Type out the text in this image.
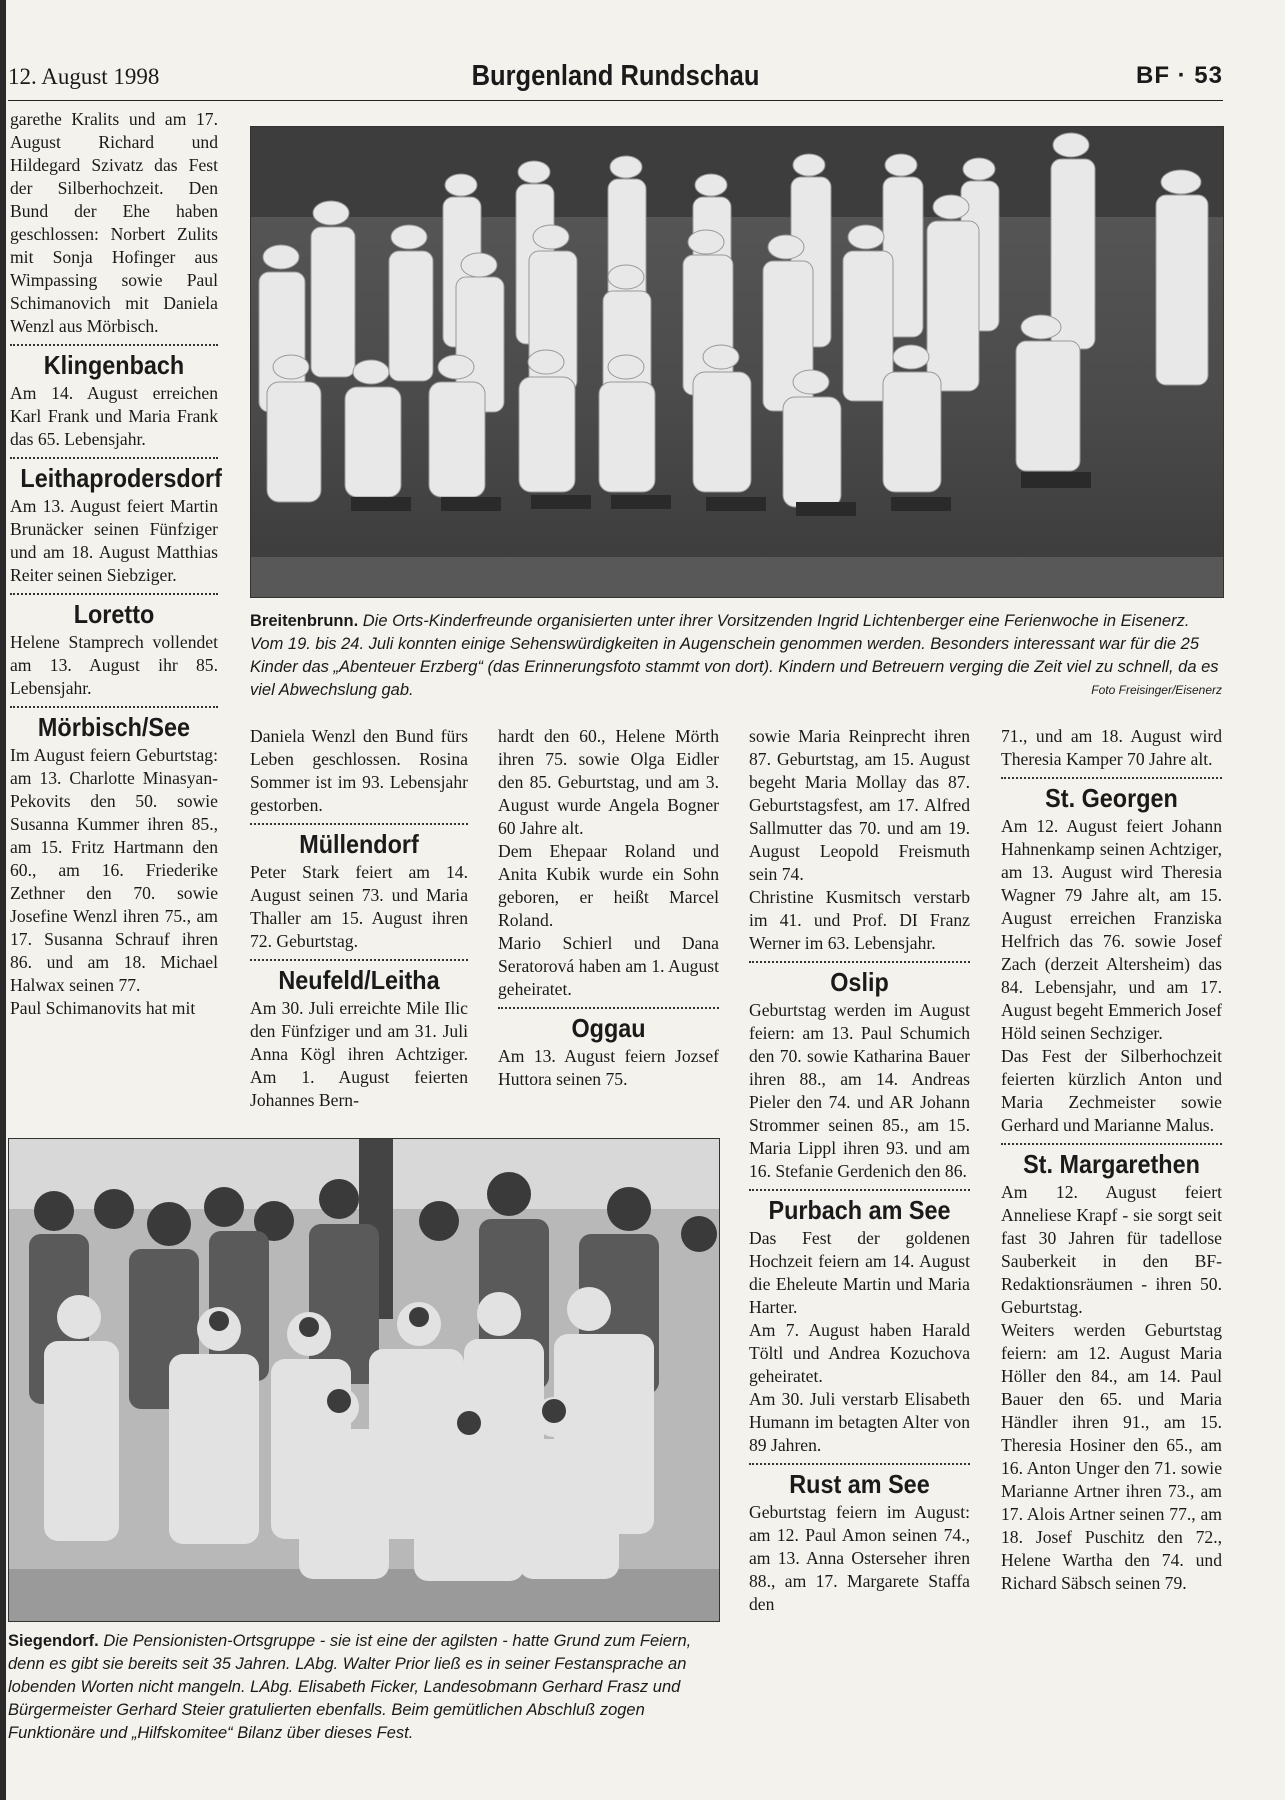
12. August 1998	Burgenland Rundschau	BF · 53

garethe Kralits und am 17. August Richard und Hildegard Szivatz das Fest der Silberhochzeit. Den Bund der Ehe haben geschlossen: Norbert Zulits mit Sonja Hofinger aus Wimpassing sowie Paul Schimanovich mit Daniela Wenzl aus Mörbisch.

Klingenbach

Am 14. August erreichen Karl Frank und Maria Frank das 65. Lebensjahr.

Leithaprodersdorf

Am 13. August feiert Martin Brunäcker seinen Fünfziger und am 18. August Matthias Reiter seinen Siebziger.

Loretto

Helene Stamprech vollendet am 13. August ihr 85. Lebensjahr.

Mörbisch/See

Im August feiern Geburtstag: am 13. Charlotte Minasyan-Pekovits den 50. sowie Susanna Kummer ihren 85., am 15. Fritz Hartmann den 60., am 16. Friederike Zethner den 70. sowie Josefine Wenzl ihren 75., am 17. Susanna Schrauf ihren 86. und am 18. Michael Halwax seinen 77.

Paul Schimanovits hat mit

Breitenbrunn. Die Orts-Kinderfreunde organisierten unter ihrer Vorsitzenden Ingrid Lichtenberger eine Ferienwoche in Eisenerz. Vom 19. bis 24. Juli konnten einige Sehenswürdigkeiten in Augenschein genommen werden. Besonders interessant war für die 25 Kinder das „Abenteuer Erzberg“ (das Erinnerungsfoto stammt von dort). Kindern und Betreuern verging die Zeit viel zu schnell, da es viel Abwechslung gab.	Foto Freisinger/Eisenerz

Daniela Wenzl den Bund fürs Leben geschlossen. Rosina Sommer ist im 93. Lebensjahr gestorben.

Müllendorf

Peter Stark feiert am 14. August seinen 73. und Maria Thaller am 15. August ihren 72. Geburtstag.

Neufeld/Leitha

Am 30. Juli erreichte Mile Ilic den Fünfziger und am 31. Juli Anna Kögl ihren Achtziger. Am 1. August feierten Johannes Bern-

hardt den 60., Helene Mörth ihren 75. sowie Olga Eidler den 85. Geburtstag, und am 3. August wurde Angela Bogner 60 Jahre alt.

Dem Ehepaar Roland und Anita Kubik wurde ein Sohn geboren, er heißt Marcel Roland.

Mario Schierl und Dana Seratorová haben am 1. August geheiratet.

Oggau

Am 13. August feiern Jozsef Huttora seinen 75.

sowie Maria Reinprecht ihren 87. Geburtstag, am 15. August begeht Maria Mollay das 87. Geburtstagsfest, am 17. Alfred Sallmutter das 70. und am 19. August Leopold Freismuth sein 74.

Christine Kusmitsch verstarb im 41. und Prof. DI Franz Werner im 63. Lebensjahr.

Oslip

Geburtstag werden im August feiern: am 13. Paul Schumich den 70. sowie Katharina Bauer ihren 88., am 14. Andreas Pieler den 74. und AR Johann Strommer seinen 85., am 15. Maria Lippl ihren 93. und am 16. Stefanie Gerdenich den 86.

Purbach am See

Das Fest der goldenen Hochzeit feiern am 14. August die Eheleute Martin und Maria Harter.

Am 7. August haben Harald Töltl und Andrea Kozuchova geheiratet.

Am 30. Juli verstarb Elisabeth Humann im betagten Alter von 89 Jahren.

Rust am See

Geburtstag feiern im August: am 12. Paul Amon seinen 74., am 13. Anna Osterseher ihren 88., am 17. Margarete Staffa den

71., und am 18. August wird Theresia Kamper 70 Jahre alt.

St. Georgen

Am 12. August feiert Johann Hahnenkamp seinen Achtziger, am 13. August wird Theresia Wagner 79 Jahre alt, am 15. August erreichen Franziska Helfrich das 76. sowie Josef Zach (derzeit Altersheim) das 84. Lebensjahr, und am 17. August begeht Emmerich Josef Höld seinen Sechziger.

Das Fest der Silberhochzeit feierten kürzlich Anton und Maria Zechmeister sowie Gerhard und Marianne Malus.

St. Margarethen

Am 12. August feiert Anneliese Krapf - sie sorgt seit fast 30 Jahren für tadellose Sauberkeit in den BF-Redaktionsräumen - ihren 50. Geburtstag.

Weiters werden Geburtstag feiern: am 12. August Maria Höller den 84., am 14. Paul Bauer den 65. und Maria Händler ihren 91., am 15. Theresia Hosiner den 65., am 16. Anton Unger den 71. sowie Marianne Artner ihren 73., am 17. Alois Artner seinen 77., am 18. Josef Puschitz den 72., Helene Wartha den 74. und Richard Säbsch seinen 79.

Siegendorf. Die Pensionisten-Ortsgruppe - sie ist eine der agilsten - hatte Grund zum Feiern, denn es gibt sie bereits seit 35 Jahren. LAbg. Walter Prior ließ es in seiner Festansprache an lobenden Worten nicht mangeln. LAbg. Elisabeth Ficker, Landesobmann Gerhard Frasz und Bürgermeister Gerhard Steier gratulierten ebenfalls. Beim gemütlichen Abschluß zogen Funktionäre und „Hilfskomitee“ Bilanz über dieses Fest.
